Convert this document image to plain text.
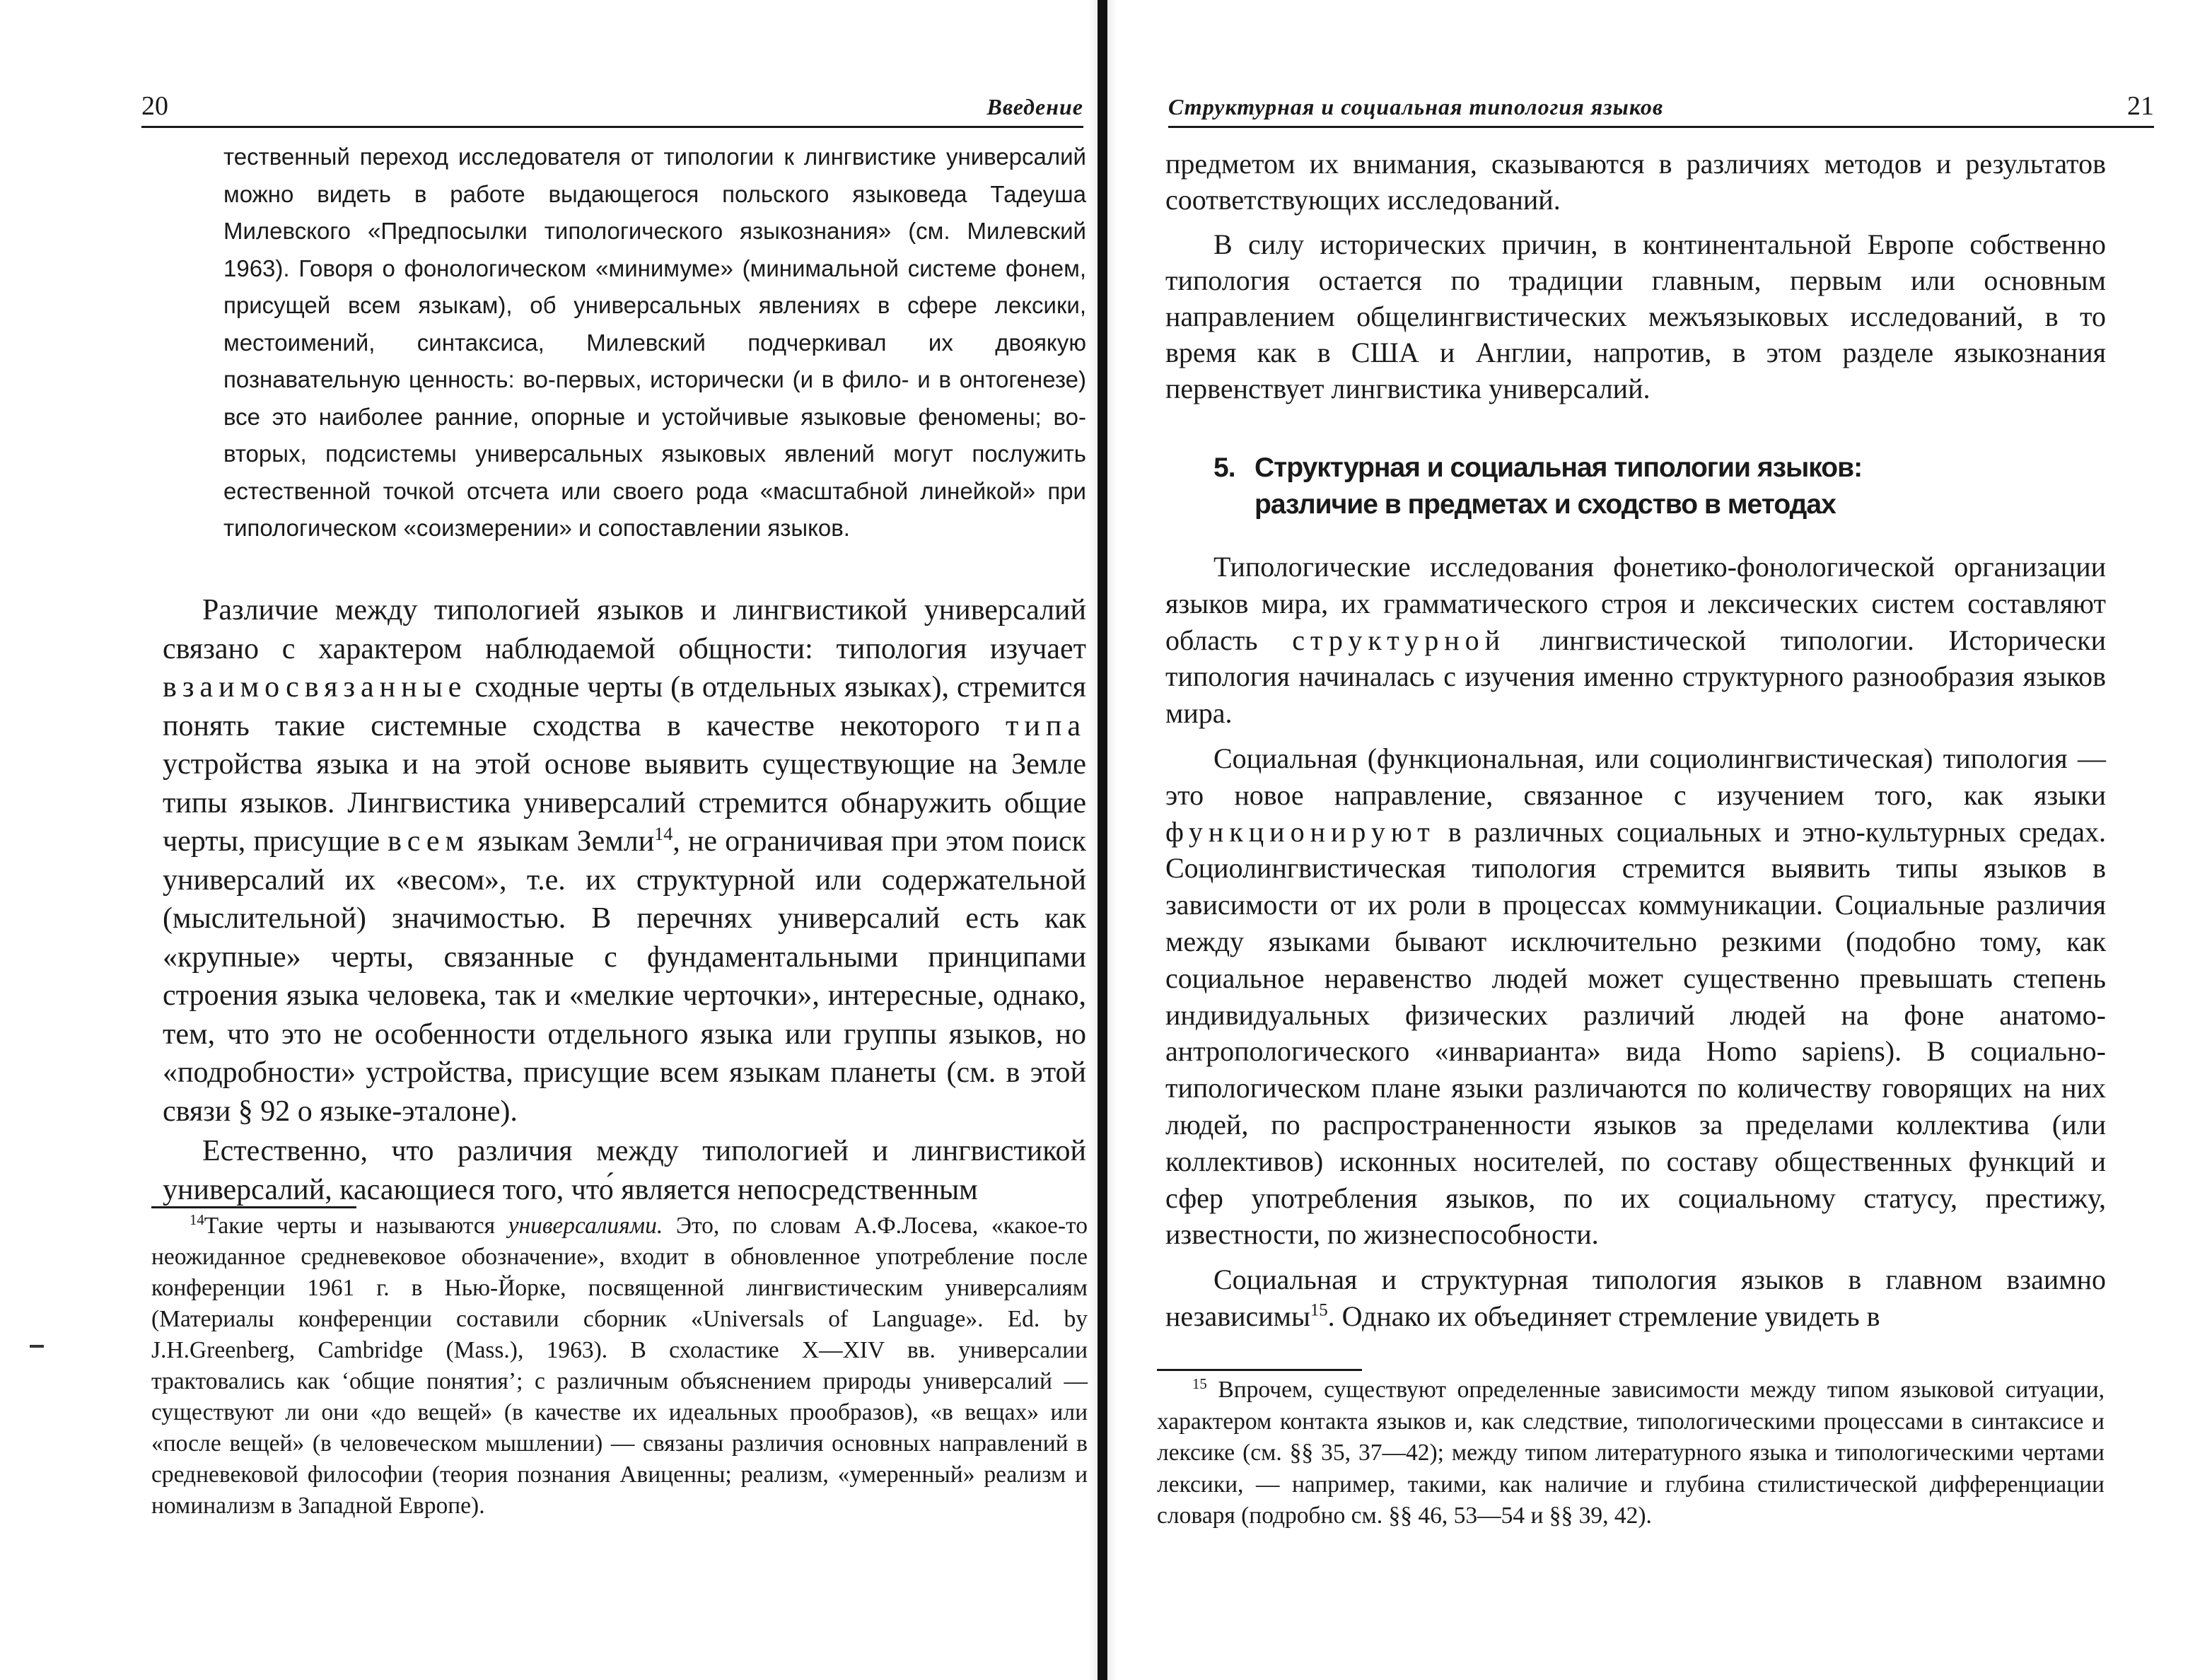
20	Введение

тественный переход исследователя от типологии к лингвистике универсалий можно видеть в работе выдающегося польского языковеда Тадеуша Милевского «Предпосылки типологического языкознания» (см. Милевский 1963). Говоря о фонологическом «минимуме» (минимальной системе фонем, присущей всем языкам), об универсальных явлениях в сфере лексики, местоимений, синтаксиса, Милевский подчеркивал их двоякую познавательную ценность: во-первых, исторически (и в фило- и в онтогенезе) все это наиболее ранние, опорные и устойчивые языковые феномены; во-вторых, подсистемы универсальных языковых явлений могут послужить естественной точкой отсчета или своего рода «масштабной линейкой» при типологическом «соизмерении» и сопоставлении языков.

Различие между типологией языков и лингвистикой универсалий связано с характером наблюдаемой общности: типология изучает взаимосвязанные сходные черты (в отдельных языках), стремится понять такие системные сходства в качестве некоторого типа устройства языка и на этой основе выявить существующие на Земле типы языков. Лингвистика универсалий стремится обнаружить общие черты, присущие всем языкам Земли$^{14}$, не ограничивая при этом поиск универсалий их «весом», т.е. их структурной или содержательной (мыслительной) значимостью. В перечнях универсалий есть как «крупные» черты, связанные с фундаментальными принципами строения языка человека, так и «мелкие черточки», интересные, однако, тем, что это не особенности отдельного языка или группы языков, но «подробности» устройства, присущие всем языкам планеты (см. в этой связи § 92 о языке-эталоне).

Естественно, что различия между типологией и лингвистикой универсалий, касающиеся того, что́ является непосредственным

$^{14}$Такие черты и называются универсалиями. Это, по словам А.Ф.Лосева, «какое-то неожиданное средневековое обозначение», входит в обновленное употребление после конференции 1961 г. в Нью-Йорке, посвященной лингвистическим универсалиям (Материалы конференции составили сборник «Universals of Language». Ed. by J.H.Greenberg, Cambridge (Mass.), 1963). В схоластике X—XIV вв. универсалии трактовались как ‘общие понятия’; с различным объяснением природы универсалий — существуют ли они «до вещей» (в качестве их идеальных прообразов), «в вещах» или «после вещей» (в человеческом мышлении) — связаны различия основных направлений в средневековой философии (теория познания Авиценны; реализм, «умеренный» реализм и номинализм в Западной Европе).

Структурная и социальная типология языков	21

предметом их внимания, сказываются в различиях методов и результатов соответствующих исследований.

В силу исторических причин, в континентальной Европе собственно типология остается по традиции главным, первым или основным направлением общелингвистических межъязыковых исследований, в то время как в США и Англии, напротив, в этом разделе языкознания первенствует лингвистика универсалий.

5. Структурная и социальная типологии языков:
различие в предметах и сходство в методах

Типологические исследования фонетико-фонологической организации языков мира, их грамматического строя и лексических систем составляют область структурной лингвистической типологии. Исторически типология начиналась с изучения именно структурного разнообразия языков мира.

Социальная (функциональная, или социолингвистическая) типология — это новое направление, связанное с изучением того, как языки функционируют в различных социальных и этно-культурных средах. Социолингвистическая типология стремится выявить типы языков в зависимости от их роли в процессах коммуникации. Социальные различия между языками бывают исключительно резкими (подобно тому, как социальное неравенство людей может существенно превышать степень индивидуальных физических различий людей на фоне анатомо-антропологического «инварианта» вида Homo sapiens). В социально-типологическом плане языки различаются по количеству говорящих на них людей, по распространенности языков за пределами коллектива (или коллективов) исконных носителей, по составу общественных функций и сфер употребления языков, по их социальному статусу, престижу, известности, по жизнеспособности.

Социальная и структурная типология языков в главном взаимно независимы$^{15}$. Однако их объединяет стремление увидеть в

$^{15}$ Впрочем, существуют определенные зависимости между типом языковой ситуации, характером контакта языков и, как следствие, типологическими процессами в синтаксисе и лексике (см. §§ 35, 37—42); между типом литературного языка и типологическими чертами лексики, — например, такими, как наличие и глубина стилистической дифференциации словаря (подробно см. §§ 46, 53—54 и §§ 39, 42).
